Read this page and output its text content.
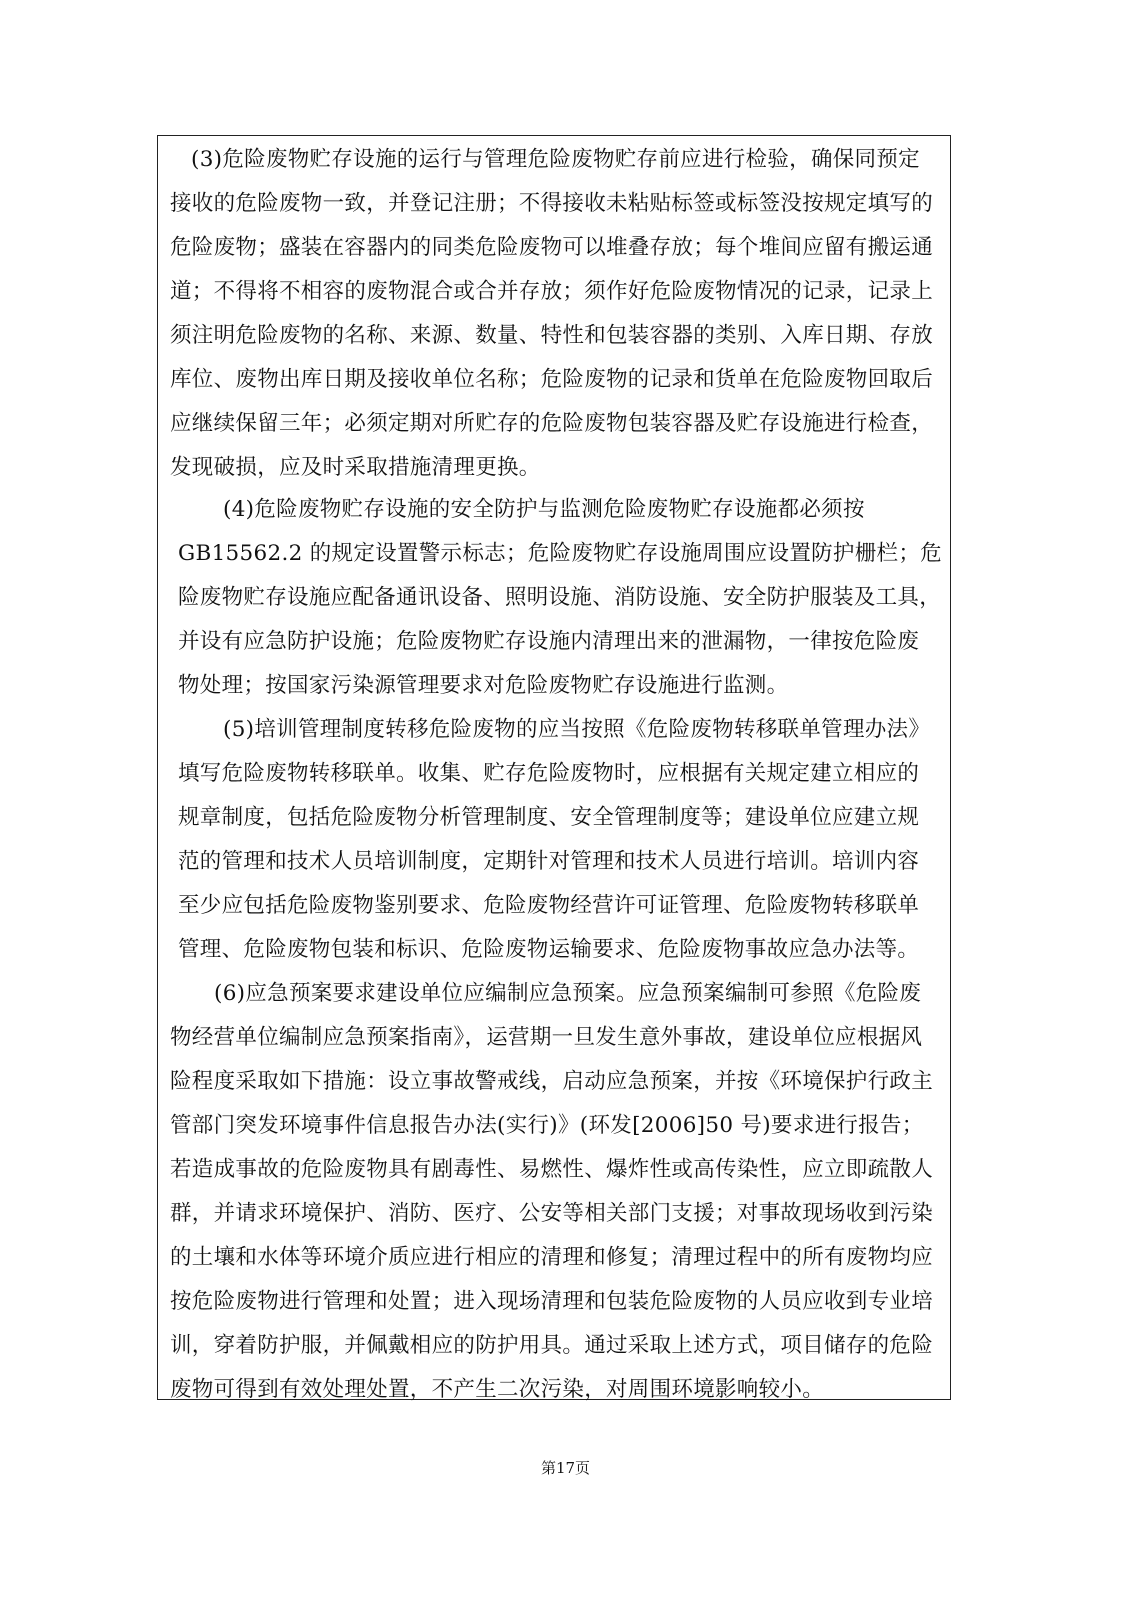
(3)危险废物贮存设施的运行与管理危险废物贮存前应进行检验，确保同预定
接收的危险废物一致，并登记注册；不得接收未粘贴标签或标签没按规定填写的
危险废物；盛装在容器内的同类危险废物可以堆叠存放；每个堆间应留有搬运通
道；不得将不相容的废物混合或合并存放；须作好危险废物情况的记录，记录上
须注明危险废物的名称、来源、数量、特性和包装容器的类别、入库日期、存放
库位、废物出库日期及接收单位名称；危险废物的记录和货单在危险废物回取后
应继续保留三年；必须定期对所贮存的危险废物包装容器及贮存设施进行检查，
发现破损，应及时采取措施清理更换。
(4)危险废物贮存设施的安全防护与监测危险废物贮存设施都必须按
GB15562.2 的规定设置警示标志；危险废物贮存设施周围应设置防护栅栏；危
险废物贮存设施应配备通讯设备、照明设施、消防设施、安全防护服装及工具，
并设有应急防护设施；危险废物贮存设施内清理出来的泄漏物，一律按危险废
物处理；按国家污染源管理要求对危险废物贮存设施进行监测。
(5)培训管理制度转移危险废物的应当按照《危险废物转移联单管理办法》
填写危险废物转移联单。收集、贮存危险废物时，应根据有关规定建立相应的
规章制度，包括危险废物分析管理制度、安全管理制度等；建设单位应建立规
范的管理和技术人员培训制度，定期针对管理和技术人员进行培训。培训内容
至少应包括危险废物鉴别要求、危险废物经营许可证管理、危险废物转移联单
管理、危险废物包装和标识、危险废物运输要求、危险废物事故应急办法等。
(6)应急预案要求建设单位应编制应急预案。应急预案编制可参照《危险废
物经营单位编制应急预案指南》，运营期一旦发生意外事故，建设单位应根据风
险程度采取如下措施：设立事故警戒线，启动应急预案，并按《环境保护行政主
管部门突发环境事件信息报告办法(实行)》(环发[2006]50 号)要求进行报告；
若造成事故的危险废物具有剧毒性、易燃性、爆炸性或高传染性，应立即疏散人
群，并请求环境保护、消防、医疗、公安等相关部门支援；对事故现场收到污染
的土壤和水体等环境介质应进行相应的清理和修复；清理过程中的所有废物均应
按危险废物进行管理和处置；进入现场清理和包装危险废物的人员应收到专业培
训，穿着防护服，并佩戴相应的防护用具。通过采取上述方式，项目储存的危险
废物可得到有效处理处置，不产生二次污染，对周围环境影响较小。
第17页
